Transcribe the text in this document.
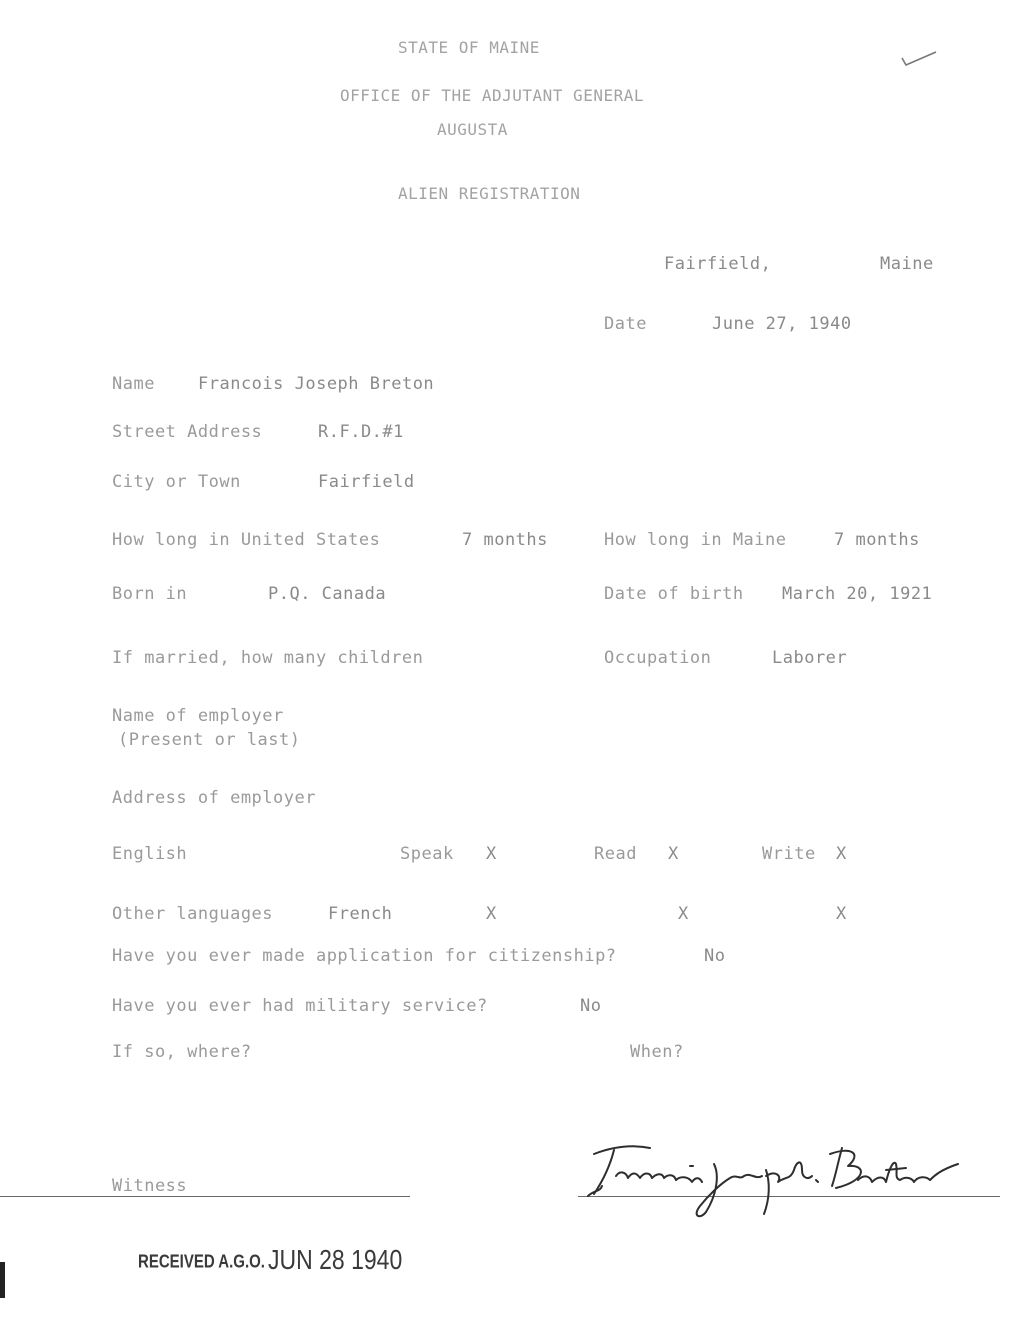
STATE OF MAINE
OFFICE OF THE ADJUTANT GENERAL
AUGUSTA
ALIEN REGISTRATION
Fairfield,	Maine
Date	June 27, 1940
Name	Francois Joseph Breton
Street Address	R.F.D.#1
City or Town	Fairfield
How long in United States	7 months	How long in Maine	7 months
Born in	P.Q. Canada	Date of birth March 20, 1921
If married, how many children	Occupation	Laborer
Name of employer
(Present or last)
Address of employer
English	Speak X	Read X	Write X
Other languages	French	X	X	X
Have you ever made application for citizenship?	No
Have you ever had military service?	No
If so, where?	When?
Witness
RECEIVED A.G.O. JUN 28 1940
